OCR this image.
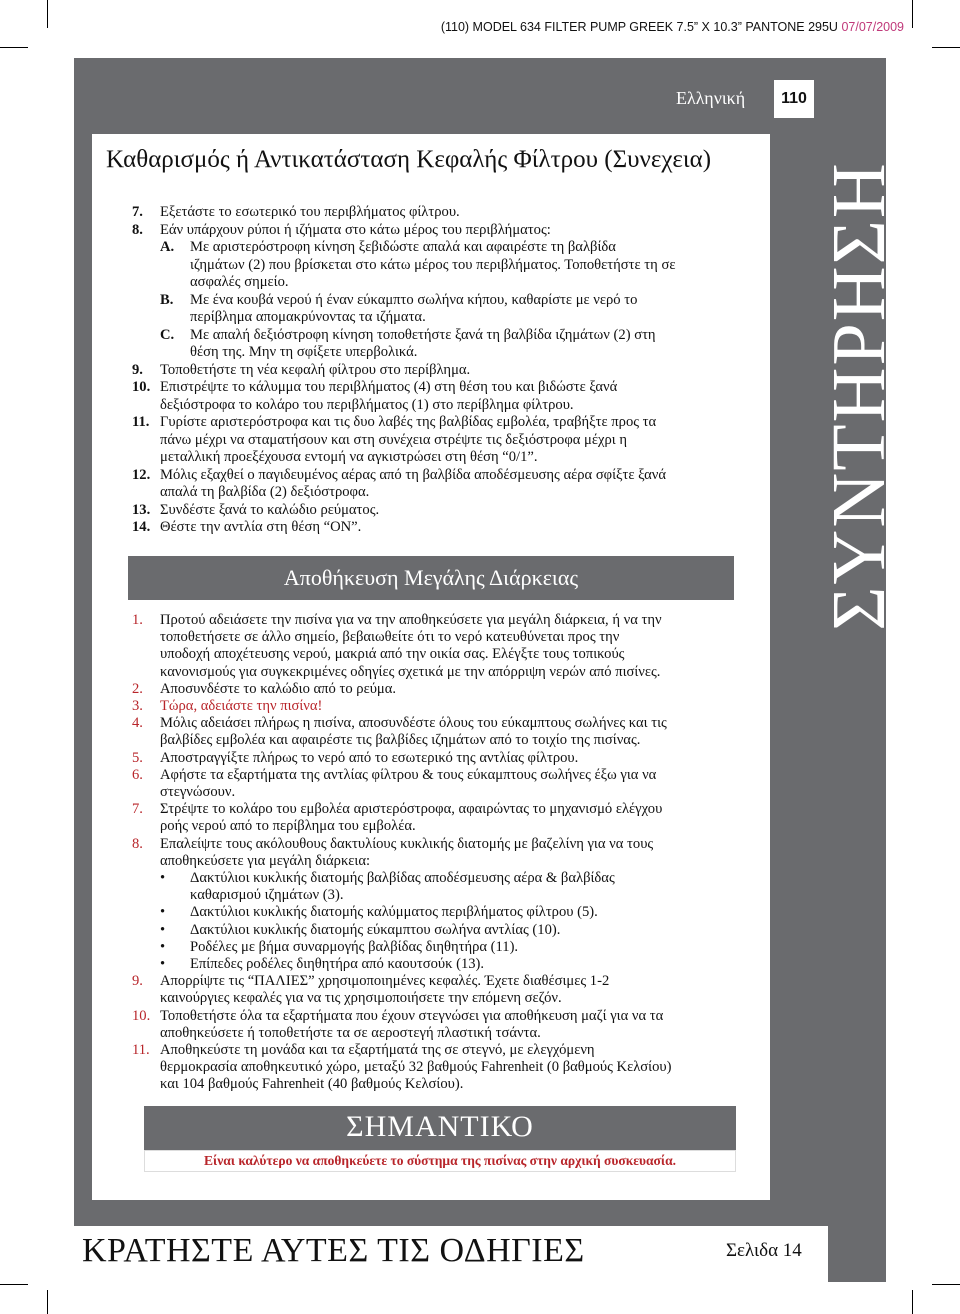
(110) MODEL 634 FILTER PUMP GREEK 7.5” X 10.3” PANTONE 295U 07/07/2009
Ελληνική	110
Καθαρισμός ή Αντικατάσταση Κεφαλής Φίλτρου (Συνεχεια)
ΣΥΝΤΗΡΗΣΗ
7. Εξετάστε το εσωτερικό του περιβλήματος φίλτρου.
8. Εάν υπάρχουν ρύποι ή ιζήματα στο κάτω μέρος του περιβλήματος:
A. Με αριστερόστροφη κίνηση ξεβιδώστε απαλά και αφαιρέστε τη βαλβίδα
ιζημάτων (2) που βρίσκεται στο κάτω μέρος του περιβλήματος. Τοποθετήστε τη σε
ασφαλές σημείο.
B. Με ένα κουβά νερού ή έναν εύκαμπτο σωλήνα κήπου, καθαρίστε με νερό το
περίβλημα απομακρύνοντας τα ιζήματα.
C. Με απαλή δεξιόστροφη κίνηση τοποθετήστε ξανά τη βαλβίδα ιζημάτων (2) στη
θέση της. Μην τη σφίξετε υπερβολικά.
9. Τοποθετήστε τη νέα κεφαλή φίλτρου στο περίβλημα.
10. Επιστρέψτε το κάλυμμα του περιβλήματος (4) στη θέση του και βιδώστε ξανά
δεξιόστροφα το κολάρο του περιβλήματος (1) στο περίβλημα φίλτρου.
11. Γυρίστε αριστερόστροφα και τις δυο λαβές της βαλβίδας εμβολέα, τραβήξτε προς τα
πάνω μέχρι να σταματήσουν και στη συνέχεια στρέψτε τις δεξιόστροφα μέχρι η
μεταλλική προεξέχουσα εντομή να αγκιστρώσει στη θέση “0/1”.
12. Μόλις εξαχθεί ο παγιδευμένος αέρας από τη βαλβίδα αποδέσμευσης αέρα σφίξτε ξανά
απαλά τη βαλβίδα (2) δεξιόστροφα.
13. Συνδέστε ξανά το καλώδιο ρεύματος.
14. Θέστε την αντλία στη θέση “ON”.
Αποθήκευση Μεγάλης Διάρκειας
1. Προτού αδειάσετε την πισίνα για να την αποθηκεύσετε για μεγάλη διάρκεια, ή να την
τοποθετήσετε σε άλλο σημείο, βεβαιωθείτε ότι το νερό κατευθύνεται προς την
υποδοχή αποχέτευσης νερού, μακριά από την οικία σας. Ελέγξτε τους τοπικούς
κανονισμούς για συγκεκριμένες οδηγίες σχετικά με την απόρριψη νερών από πισίνες.
2. Αποσυνδέστε το καλώδιο από το ρεύμα.
3. Τώρα, αδειάστε την πισίνα!
4. Μόλις αδειάσει πλήρως η πισίνα, αποσυνδέστε όλους του εύκαμπτους σωλήνες και τις
βαλβίδες εμβολέα και αφαιρέστε τις βαλβίδες ιζημάτων από το τοιχίο της πισίνας.
5. Αποστραγγίξτε πλήρως το νερό από το εσωτερικό της αντλίας φίλτρου.
6. Αφήστε τα εξαρτήματα της αντλίας φίλτρου & τους εύκαμπτους σωλήνες έξω για να
στεγνώσουν.
7. Στρέψτε το κολάρο του εμβολέα αριστερόστροφα, αφαιρώντας το μηχανισμό ελέγχου
ροής νερού από το περίβλημα του εμβολέα.
8. Επαλείψτε τους ακόλουθους δακτυλίους κυκλικής διατομής με βαζελίνη για να τους
αποθηκεύσετε για μεγάλη διάρκεια:
• Δακτύλιοι κυκλικής διατομής βαλβίδας αποδέσμευσης αέρα & βαλβίδας
καθαρισμού ιζημάτων (3).
• Δακτύλιοι κυκλικής διατομής καλύμματος περιβλήματος φίλτρου (5).
• Δακτύλιοι κυκλικής διατομής εύκαμπτου σωλήνα αντλίας (10).
• Ροδέλες με βήμα συναρμογής βαλβίδας διηθητήρα (11).
• Επίπεδες ροδέλες διηθητήρα από καουτσούκ (13).
9. Απορρίψτε τις “ΠΑΛΙΕΣ” χρησιμοποιημένες κεφαλές. Έχετε διαθέσιμες 1-2
καινούργιες κεφαλές για να τις χρησιμοποιήσετε την επόμενη σεζόν.
10. Τοποθετήστε όλα τα εξαρτήματα που έχουν στεγνώσει για αποθήκευση μαζί για να τα
αποθηκεύσετε ή τοποθετήστε τα σε αεροστεγή πλαστική τσάντα.
11. Αποθηκεύστε τη μονάδα και τα εξαρτήματά της σε στεγνό, με ελεγχόμενη
θερμοκρασία αποθηκευτικό χώρο, μεταξύ 32 βαθμούς Fahrenheit (0 βαθμούς Κελσίου)
και 104 βαθμούς Fahrenheit (40 βαθμούς Κελσίου).
ΣΗΜΑΝΤΙΚΟ
Είναι καλύτερο να αποθηκεύετε το σύστημα της πισίνας στην αρχική συσκευασία.
ΚΡΑΤΗΣΤΕ ΑΥΤΕΣ ΤΙΣ ΟΔΗΓΙΕΣ	Σελιδα 14
